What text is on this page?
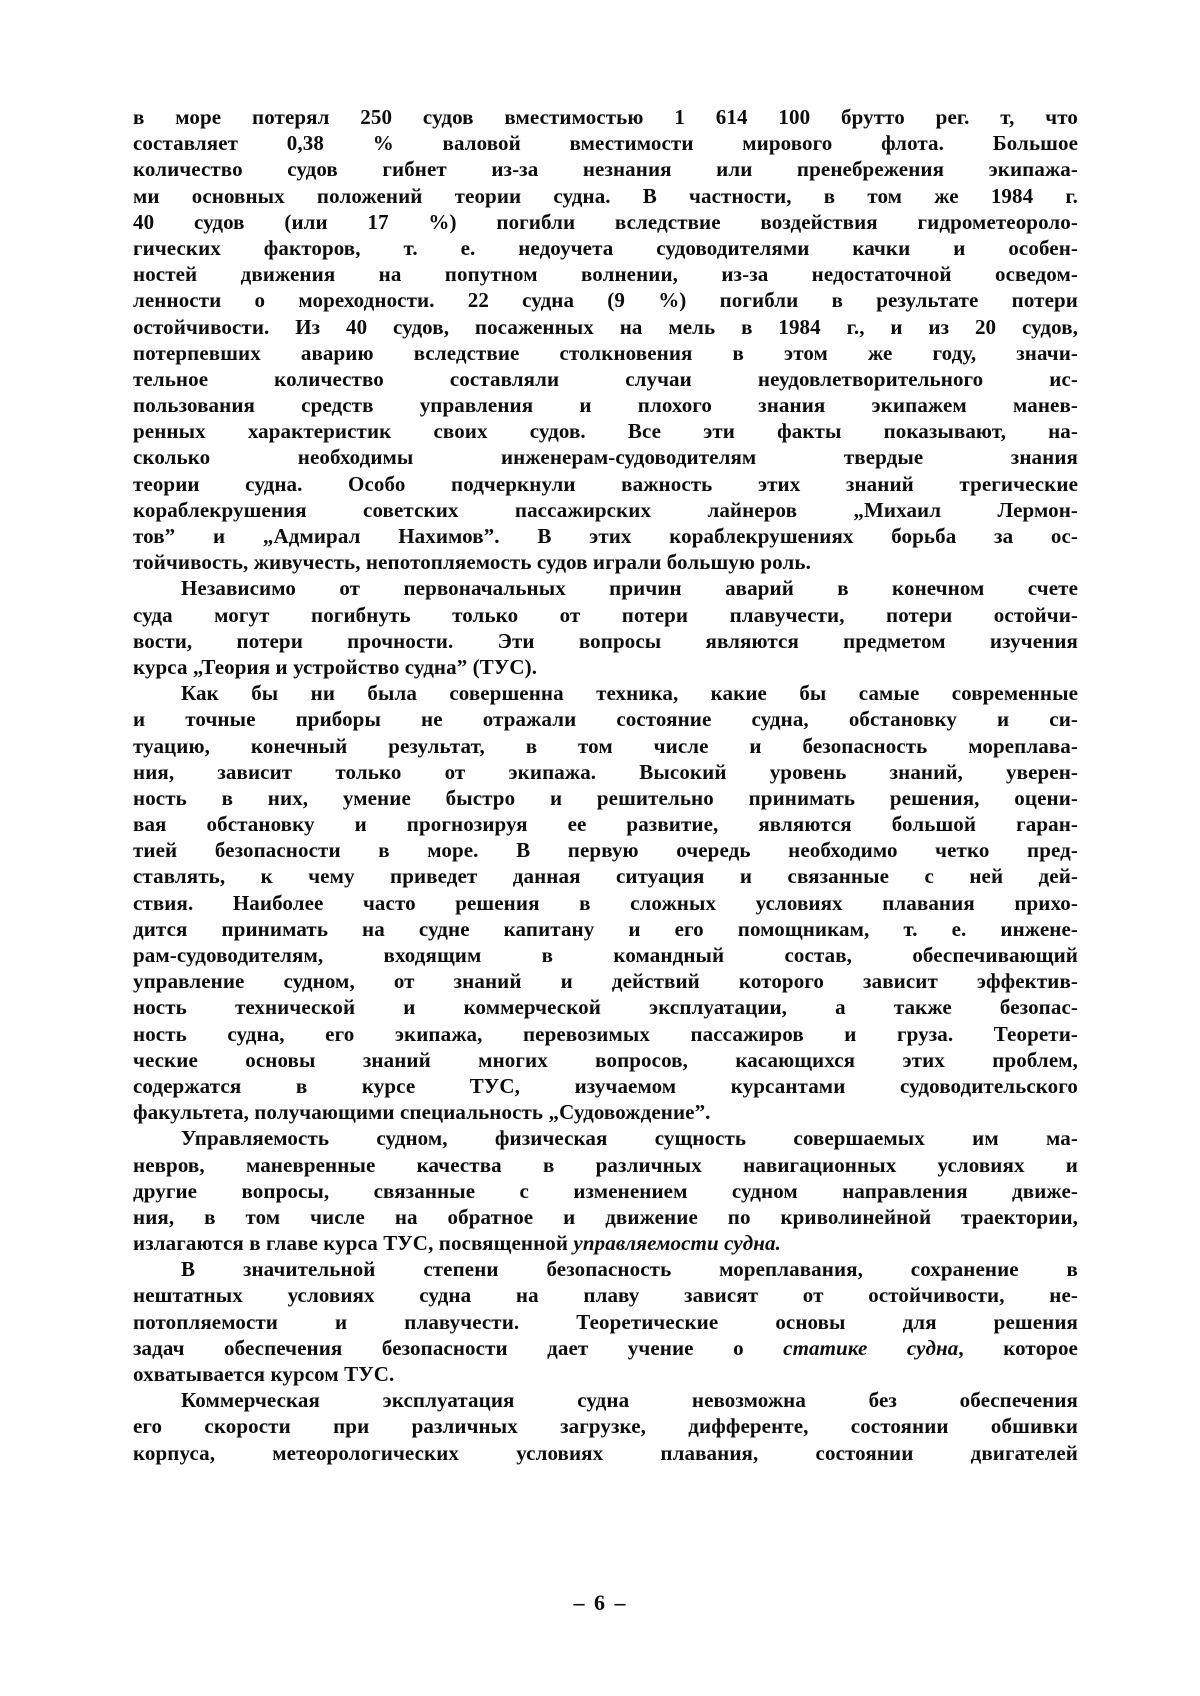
в море потерял 250 судов вместимостью 1 614 100 брутто рег. т, что
составляет 0,38 % валовой вместимости мирового флота. Большое
количество судов гибнет из-за незнания или пренебрежения экипажа-
ми основных положений теории судна. В частности, в том же 1984 г.
40 судов (или 17 %) погибли вследствие воздействия гидрометеороло-
гических факторов, т. е. недоучета судоводителями качки и особен-
ностей движения на попутном волнении, из-за недостаточной осведом-
ленности о мореходности. 22 судна (9 %) погибли в результате потери
остойчивости. Из 40 судов, посаженных на мель в 1984 г., и из 20 судов,
потерпевших аварию вследствие столкновения в этом же году, значи-
тельное количество составляли случаи неудовлетворительного ис-
пользования средств управления и плохого знания экипажем манев-
ренных характеристик своих судов. Все эти факты показывают, на-
сколько необходимы инженерам-судоводителям твердые знания
теории судна. Особо подчеркнули важность этих знаний трегические
кораблекрушения советских пассажирских лайнеров „Михаил Лермон-
тов” и „Адмирал Нахимов”. В этих кораблекрушениях борьба за ос-
тойчивость, живучесть, непотопляемость судов играли большую роль.
Независимо от первоначальных причин аварий в конечном счете
суда могут погибнуть только от потери плавучести, потери остойчи-
вости, потери прочности. Эти вопросы являются предметом изучения
курса „Теория и устройство судна” (ТУС).
Как бы ни была совершенна техника, какие бы самые современные
и точные приборы не отражали состояние судна, обстановку и си-
туацию, конечный результат, в том числе и безопасность мореплава-
ния, зависит только от экипажа. Высокий уровень знаний, уверен-
ность в них, умение быстро и решительно принимать решения, оцени-
вая обстановку и прогнозируя ее развитие, являются большой гаран-
тией безопасности в море. В первую очередь необходимо четко пред-
ставлять, к чему приведет данная ситуация и связанные с ней дей-
ствия. Наиболее часто решения в сложных условиях плавания прихо-
дится принимать на судне капитану и его помощникам, т. е. инжене-
рам-судоводителям, входящим в командный состав, обеспечивающий
управление судном, от знаний и действий которого зависит эффектив-
ность технической и коммерческой эксплуатации, а также безопас-
ность судна, его экипажа, перевозимых пассажиров и груза. Теорети-
ческие основы знаний многих вопросов, касающихся этих проблем,
содержатся в курсе ТУС, изучаемом курсантами судоводительского
факультета, получающими специальность „Судовождение”.
Управляемость судном, физическая сущность совершаемых им ма-
невров, маневренные качества в различных навигационных условиях и
другие вопросы, связанные с изменением судном направления движе-
ния, в том числе на обратное и движение по криволинейной траектории,
излагаются в главе курса ТУС, посвященной управляемости судна.
В значительной степени безопасность мореплавания, сохранение в
нештатных условиях судна на плаву зависят от остойчивости, не-
потопляемости и плавучести. Теоретические основы для решения
задач обеспечения безопасности дает учение о статике судна, которое
охватывается курсом ТУС.
Коммерческая эксплуатация судна невозможна без обеспечения
его скорости при различных загрузке, дифференте, состоянии обшивки
корпуса, метеорологических условиях плавания, состоянии двигателей
– 6 –
